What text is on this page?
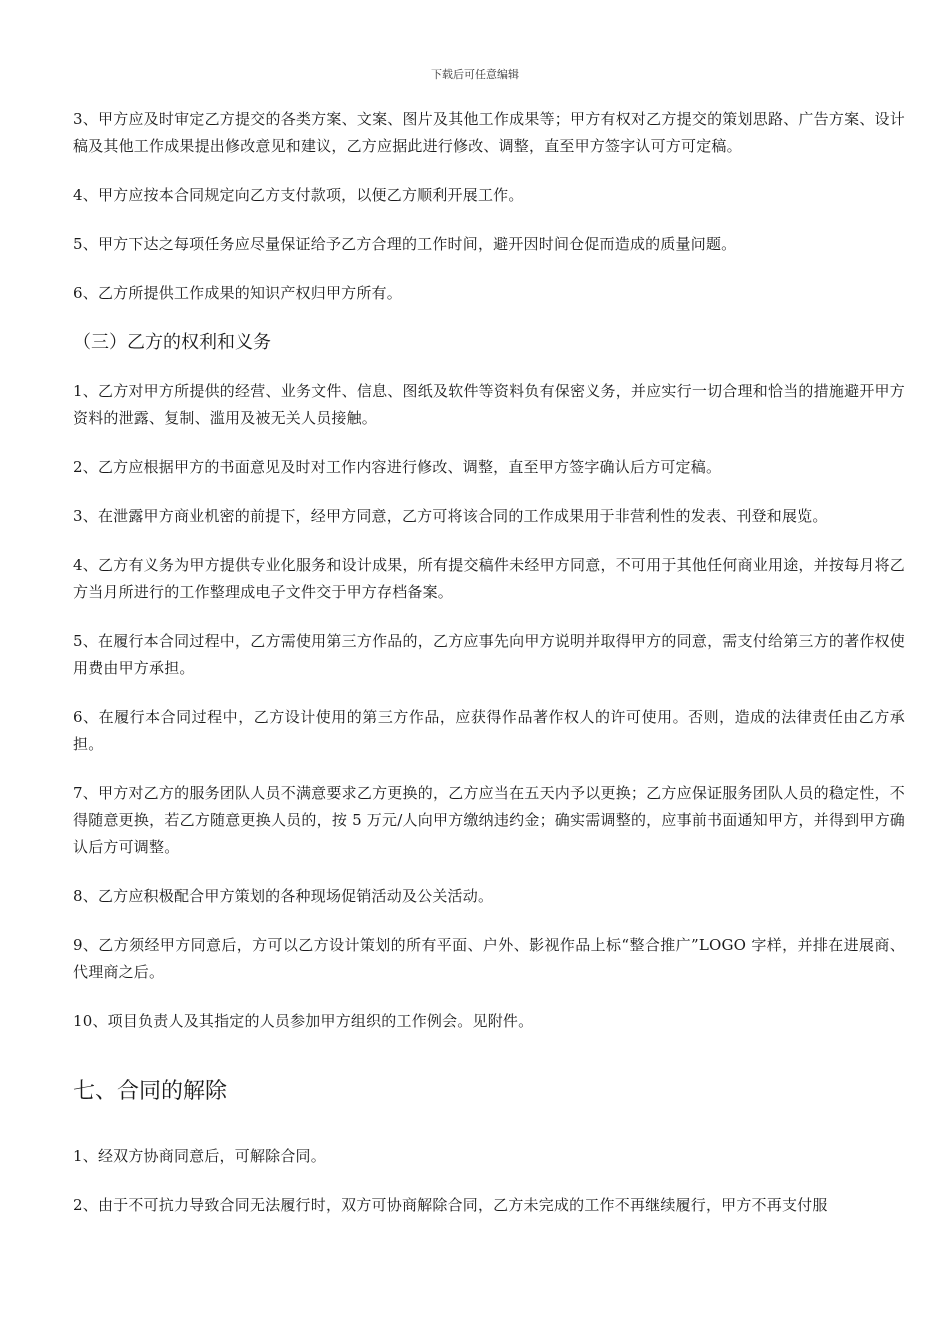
下载后可任意编辑

3、甲方应及时审定乙方提交的各类方案、文案、图片及其他工作成果等；甲方有权对乙方提交的策划思路、广告方案、设计稿及其他工作成果提出修改意见和建议，乙方应据此进行修改、调整，直至甲方签字认可方可定稿。

4、甲方应按本合同规定向乙方支付款项，以便乙方顺利开展工作。

5、甲方下达之每项任务应尽量保证给予乙方合理的工作时间，避开因时间仓促而造成的质量问题。

6、乙方所提供工作成果的知识产权归甲方所有。

（三）乙方的权利和义务

1、乙方对甲方所提供的经营、业务文件、信息、图纸及软件等资料负有保密义务，并应实行一切合理和恰当的措施避开甲方资料的泄露、复制、滥用及被无关人员接触。

2、乙方应根据甲方的书面意见及时对工作内容进行修改、调整，直至甲方签字确认后方可定稿。

3、在泄露甲方商业机密的前提下，经甲方同意，乙方可将该合同的工作成果用于非营利性的发表、刊登和展览。

4、乙方有义务为甲方提供专业化服务和设计成果，所有提交稿件未经甲方同意，不可用于其他任何商业用途，并按每月将乙方当月所进行的工作整理成电子文件交于甲方存档备案。

5、在履行本合同过程中，乙方需使用第三方作品的，乙方应事先向甲方说明并取得甲方的同意，需支付给第三方的著作权使用费由甲方承担。

6、在履行本合同过程中，乙方设计使用的第三方作品，应获得作品著作权人的许可使用。否则，造成的法律责任由乙方承担。

7、甲方对乙方的服务团队人员不满意要求乙方更换的，乙方应当在五天内予以更换；乙方应保证服务团队人员的稳定性，不得随意更换，若乙方随意更换人员的，按 5 万元/人向甲方缴纳违约金；确实需调整的，应事前书面通知甲方，并得到甲方确认后方可调整。

8、乙方应积极配合甲方策划的各种现场促销活动及公关活动。

9、乙方须经甲方同意后，方可以乙方设计策划的所有平面、户外、影视作品上标“整合推广”LOGO 字样，并排在进展商、代理商之后。

10、项目负责人及其指定的人员参加甲方组织的工作例会。见附件。

七、合同的解除

1、经双方协商同意后，可解除合同。

2、由于不可抗力导致合同无法履行时，双方可协商解除合同，乙方未完成的工作不再继续履行，甲方不再支付服
